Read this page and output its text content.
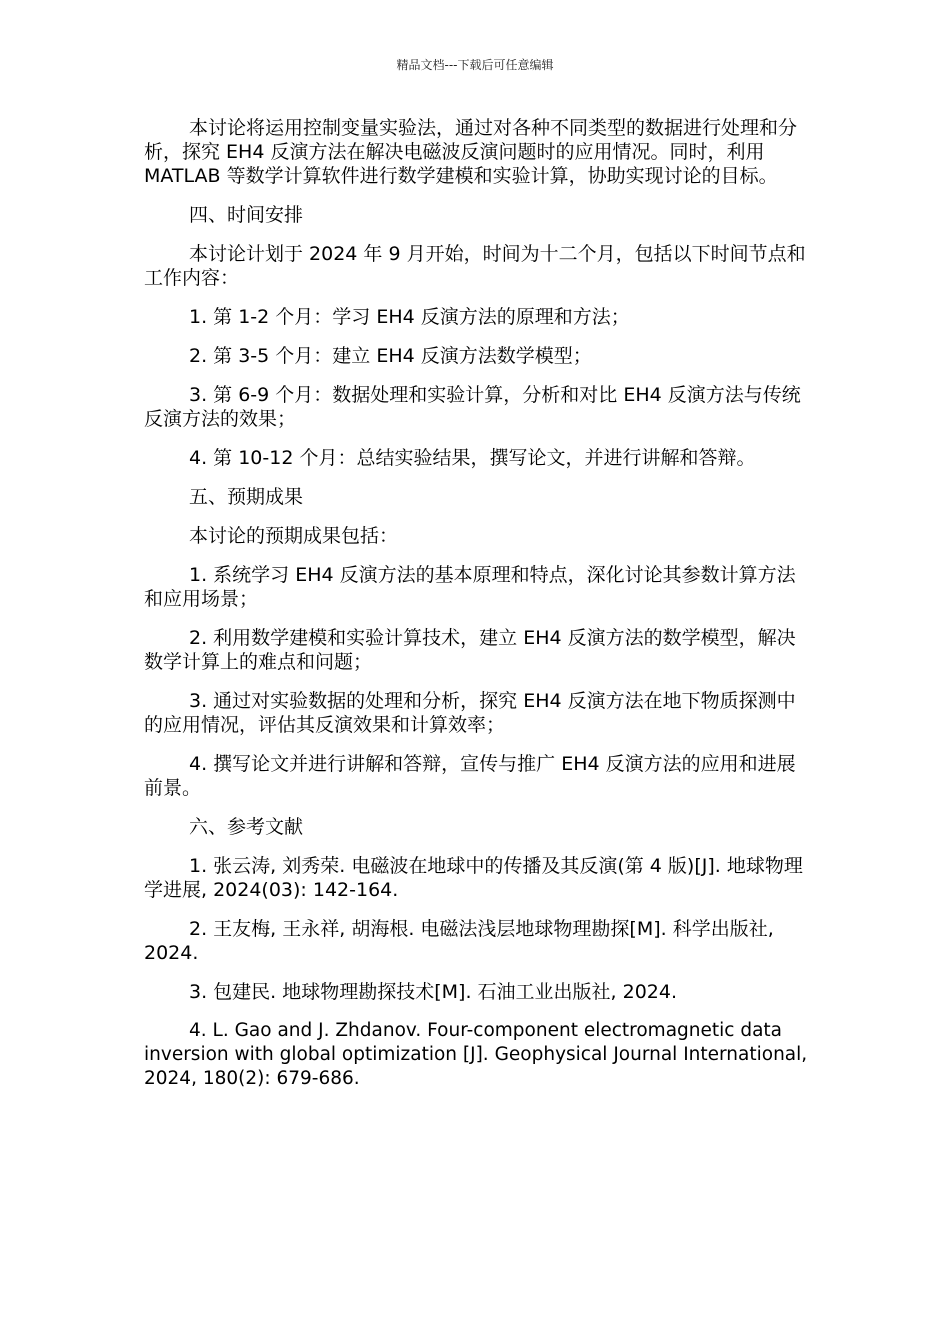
精品文档---下载后可任意编辑

本讨论将运用控制变量实验法，通过对各种不同类型的数据进行处理和分析，探究 EH4 反演方法在解决电磁波反演问题时的应用情况。同时，利用 MATLAB 等数学计算软件进行数学建模和实验计算，协助实现讨论的目标。

四、时间安排

本讨论计划于 2024 年 9 月开始，时间为十二个月，包括以下时间节点和工作内容：

1. 第 1-2 个月：学习 EH4 反演方法的原理和方法；

2. 第 3-5 个月：建立 EH4 反演方法数学模型；

3. 第 6-9 个月：数据处理和实验计算，分析和对比 EH4 反演方法与传统反演方法的效果；

4. 第 10-12 个月：总结实验结果，撰写论文，并进行讲解和答辩。

五、预期成果

本讨论的预期成果包括：

1. 系统学习 EH4 反演方法的基本原理和特点，深化讨论其参数计算方法和应用场景；

2. 利用数学建模和实验计算技术，建立 EH4 反演方法的数学模型，解决数学计算上的难点和问题；

3. 通过对实验数据的处理和分析，探究 EH4 反演方法在地下物质探测中的应用情况，评估其反演效果和计算效率；

4. 撰写论文并进行讲解和答辩，宣传与推广 EH4 反演方法的应用和进展前景。

六、参考文献

1. 张云涛, 刘秀荣. 电磁波在地球中的传播及其反演(第 4 版)[J]. 地球物理学进展, 2024(03): 142-164.

2. 王友梅, 王永祥, 胡海根. 电磁法浅层地球物理勘探[M]. 科学出版社, 2024.

3. 包建民. 地球物理勘探技术[M]. 石油工业出版社, 2024.

4. L. Gao and J. Zhdanov. Four-component electromagnetic data inversion with global optimization [J]. Geophysical Journal International, 2024, 180(2): 679-686.
